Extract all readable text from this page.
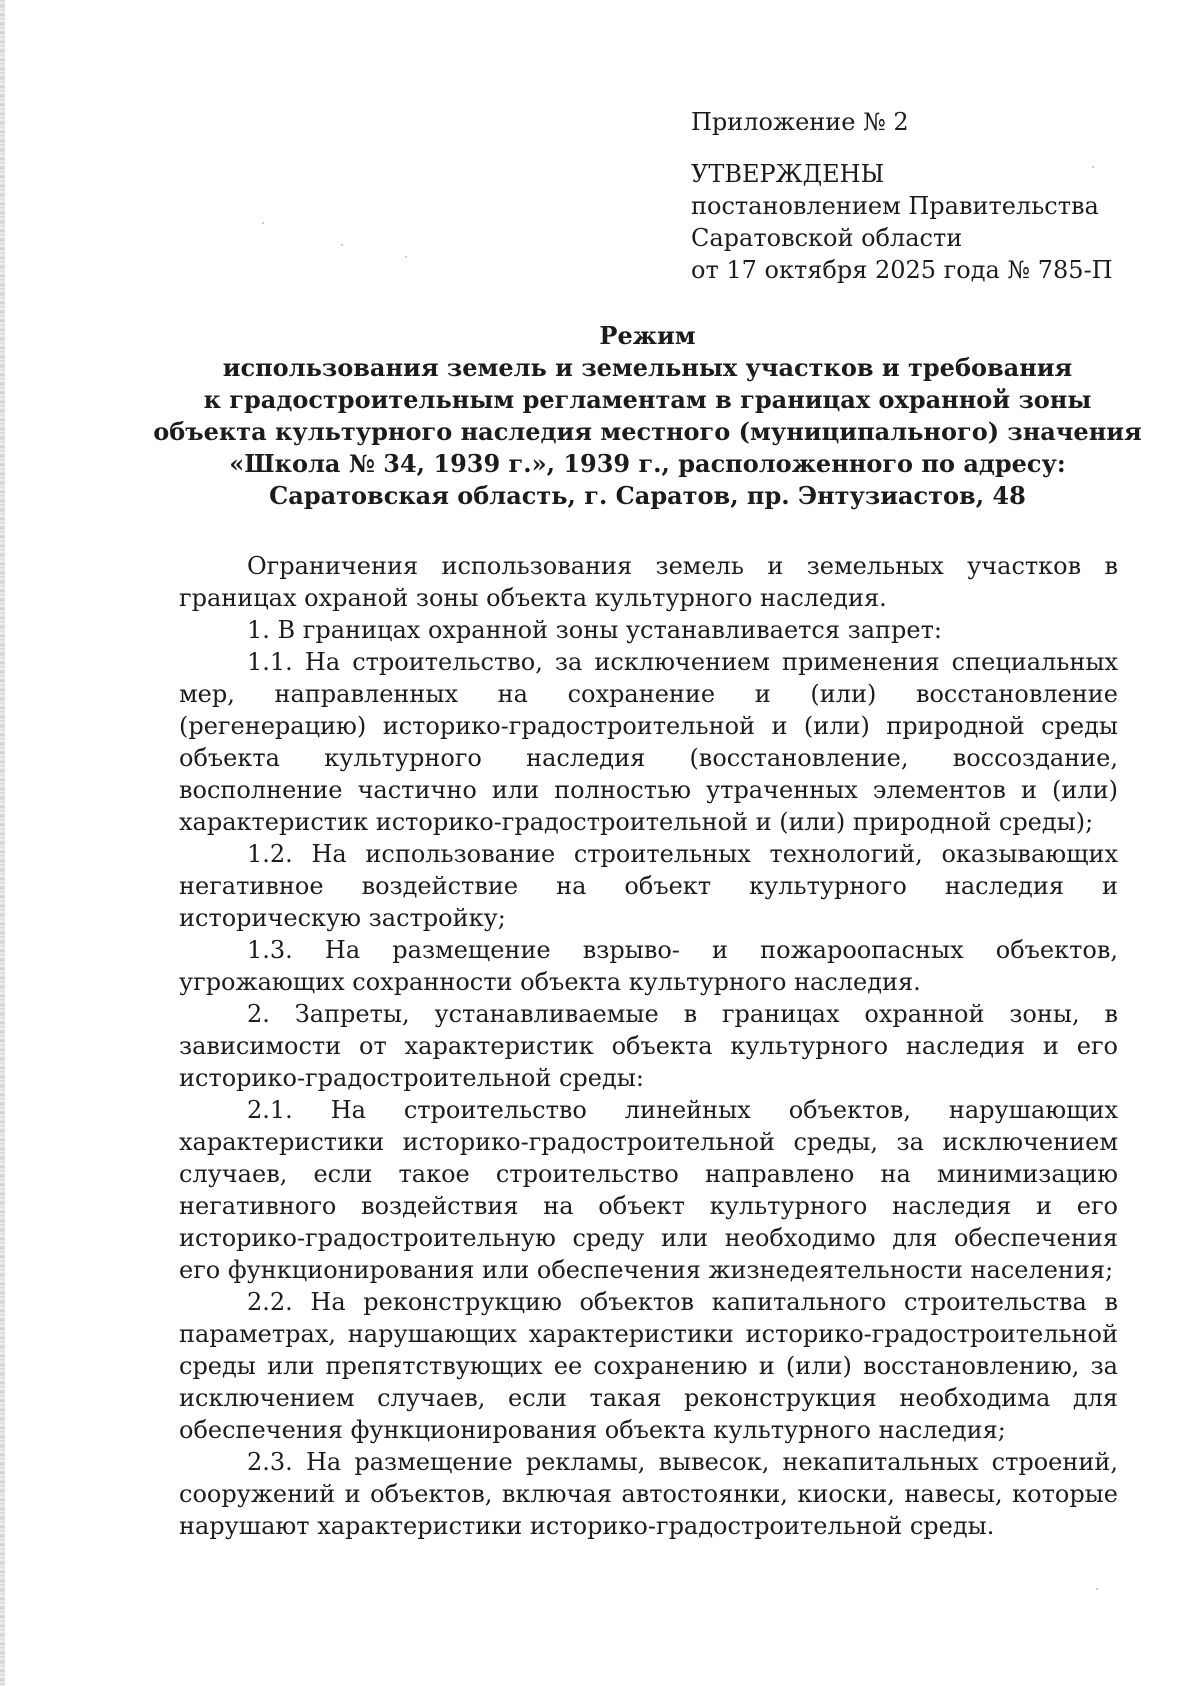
Приложение № 2
УТВЕРЖДЕНЫ
постановлением Правительства
Саратовской области
от 17 октября 2025 года № 785-П
Режим
использования земель и земельных участков и требования
к градостроительным регламентам в границах охранной зоны
объекта культурного наследия местного (муниципального) значения
«Школа № 34, 1939 г.», 1939 г., расположенного по адресу:
Саратовская область, г. Саратов, пр. Энтузиастов, 48

Ограничения использования земель и земельных участков в границах охраной зоны объекта культурного наследия.

1. В границах охранной зоны устанавливается запрет:

1.1. На строительство, за исключением применения специальных мер, направленных на сохранение и (или) восстановление (регенерацию) историко-градостроительной и (или) природной среды объекта культурного наследия (восстановление, воссоздание, восполнение частично или полностью утраченных элементов и (или) характеристик историко-градостроительной и (или) природной среды);

1.2. На использование строительных технологий, оказывающих негативное воздействие на объект культурного наследия и историческую застройку;

1.3. На размещение взрыво- и пожароопасных объектов, угрожающих сохранности объекта культурного наследия.

2. Запреты, устанавливаемые в границах охранной зоны, в зависимости от характеристик объекта культурного наследия и его историко-градостроительной среды:

2.1. На строительство линейных объектов, нарушающих характеристики историко-градостроительной среды, за исключением случаев, если такое строительство направлено на минимизацию негативного воздействия на объект культурного наследия и его историко-градостроительную среду или необходимо для обеспечения его функционирования или обеспечения жизнедеятельности населения;

2.2. На реконструкцию объектов капитального строительства в параметрах, нарушающих характеристики историко-градостроительной среды или препятствующих ее сохранению и (или) восстановлению, за исключением случаев, если такая реконструкция необходима для обеспечения функционирования объекта культурного наследия;

2.3. На размещение рекламы, вывесок, некапитальных строений, сооружений и объектов, включая автостоянки, киоски, навесы, которые нарушают характеристики историко-градостроительной среды.
